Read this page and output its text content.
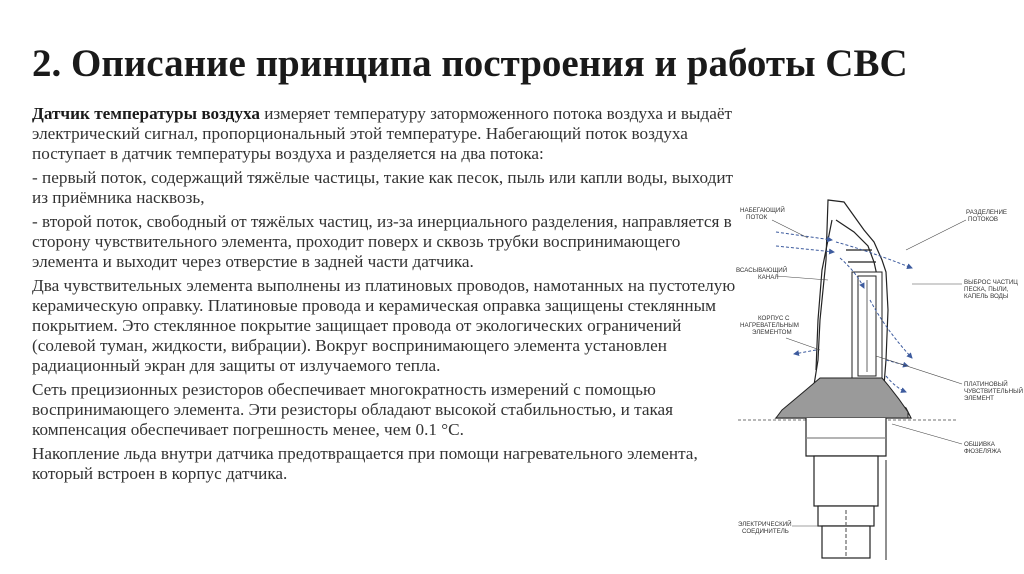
2. Описание принципа построения и работы СВС

Датчик температуры воздуха измеряет температуру заторможенного потока воздуха и выдаёт электрический сигнал, пропорциональный этой температуре. Набегающий поток воздуха поступает в датчик температуры воздуха и разделяется на два потока:

- первый поток, содержащий тяжёлые частицы, такие как песок, пыль или капли воды, выходит из приёмника насквозь,

- второй поток, свободный от тяжёлых частиц, из-за инерциального разделения, направляется в сторону чувствительного элемента, проходит поверх и сквозь трубки воспринимающего элемента и выходит через отверстие в задней части датчика.

Два чувствительных элемента выполнены из платиновых проводов, намотанных на пустотелую керамическую оправку. Платиновые провода и керамическая оправка защищены стеклянным покрытием. Это стеклянное покрытие защищает провода от экологических ограничений (солевой туман, жидкости, вибрации). Вокруг воспринимающего элемента установлен радиационный экран для защиты от излучаемого тепла.

Сеть прецизионных резисторов обеспечивает многократность измерений с помощью воспринимающего элемента. Эти резисторы обладают высокой стабильностью, и такая компенсация обеспечивает погрешность менее, чем 0.1 °С.

Накопление льда внутри датчика предотвращается при помощи нагревательного элемента, который встроен в корпус датчика.

НАБЕГАЮЩИЙ ПОТОК
РАЗДЕЛЕНИЕ ПОТОКОВ
ВСАСЫВАЮЩИЙ КАНАЛ
ВЫБРОС ЧАСТИЦ ПЕСКА, ПЫЛИ, КАПЕЛЬ ВОДЫ
КОРПУС С НАГРЕВАТЕЛЬНЫМ ЭЛЕМЕНТОМ
ПЛАТИНОВЫЙ ЧУВСТВИТЕЛЬНЫЙ ЭЛЕМЕНТ
ОБШИВКА ФЮЗЕЛЯЖА
ЭЛЕКТРИЧЕСКИЙ СОЕДИНИТЕЛЬ
